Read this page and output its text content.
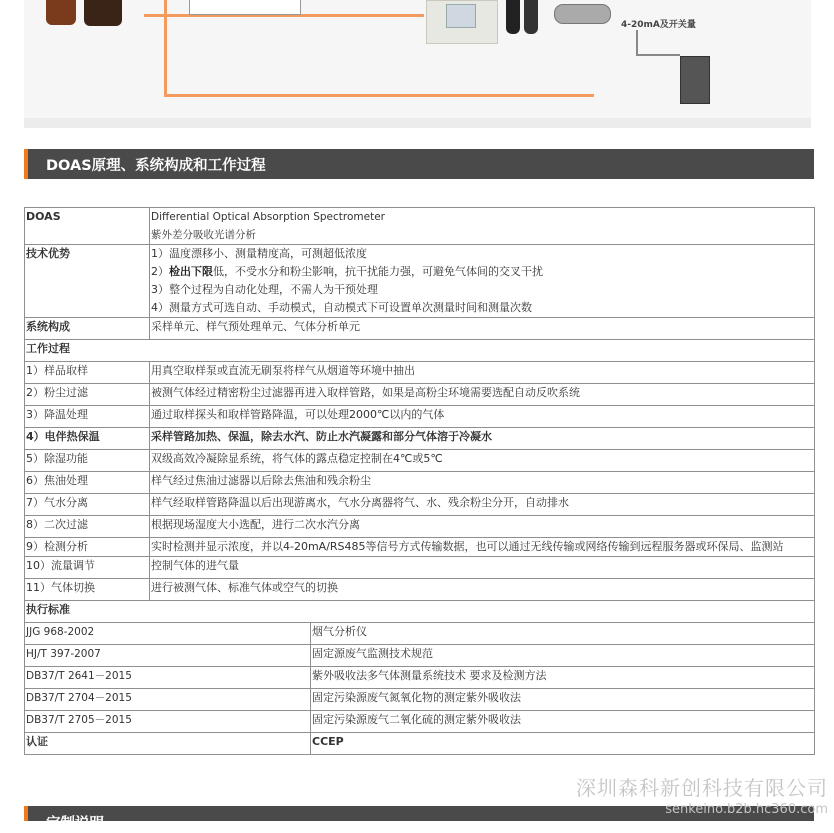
4-20mA及开关量
DOAS原理、系统构成和工作过程
DOAS	Differential Optical Absorption Spectrometer
紫外差分吸收光谱分析	

技术优势	1）温度漂移小、测量精度高，可测超低浓度
2）检出下限低，不受水分和粉尘影响，抗干扰能力强，可避免气体间的交叉干扰
3）整个过程为自动化处理，不需人为干预处理
4）测量方式可选自动、手动模式，自动模式下可设置单次测量时间和测量次数	

系统构成	采样单元、样气预处理单元、气体分析单元	
工作过程		
1）样品取样	用真空取样泵或直流无刷泵将样气从烟道等环境中抽出	
2）粉尘过滤	被测气体经过精密粉尘过滤器再进入取样管路，如果是高粉尘环境需要选配自动反吹系统	
3）降温处理	通过取样探头和取样管路降温，可以处理2000℃以内的气体	
4）电伴热保温	采样管路加热、保温，除去水汽、防止水汽凝露和部分气体溶于冷凝水	
5）除湿功能	双级高效冷凝除显系统，将气体的露点稳定控制在4℃或5℃	
6）焦油处理	样气经过焦油过滤器以后除去焦油和残余粉尘	
7）气水分离	样气经取样管路降温以后出现游离水，气水分离器将气、水、残余粉尘分开，自动排水	
8）二次过滤	根据现场湿度大小选配，进行二次水汽分离	
9）检测分析	实时检测并显示浓度，并以4-20mA/RS485等信号方式传输数据，也可以通过无线传输或网络传输到远程服务器或环保局、监测站	
10）流量调节	控制气体的进气量	
11）气体切换	进行被测气体、标准气体或空气的切换	
执行标准		
JJG 968-2002		烟气分析仪
HJ/T 397-2007		固定源废气监测技术规范
DB37/T 2641－2015		紫外吸收法多气体测量系统技术 要求及检测方法
DB37/T 2704－2015		固定污染源废气氮氧化物的测定紫外吸收法
DB37/T 2705－2015		固定污染源废气二氧化硫的测定紫外吸收法
认证		CCEP
定制说明
深圳森科新创科技有限公司
senkeino.b2b.hc360.com
